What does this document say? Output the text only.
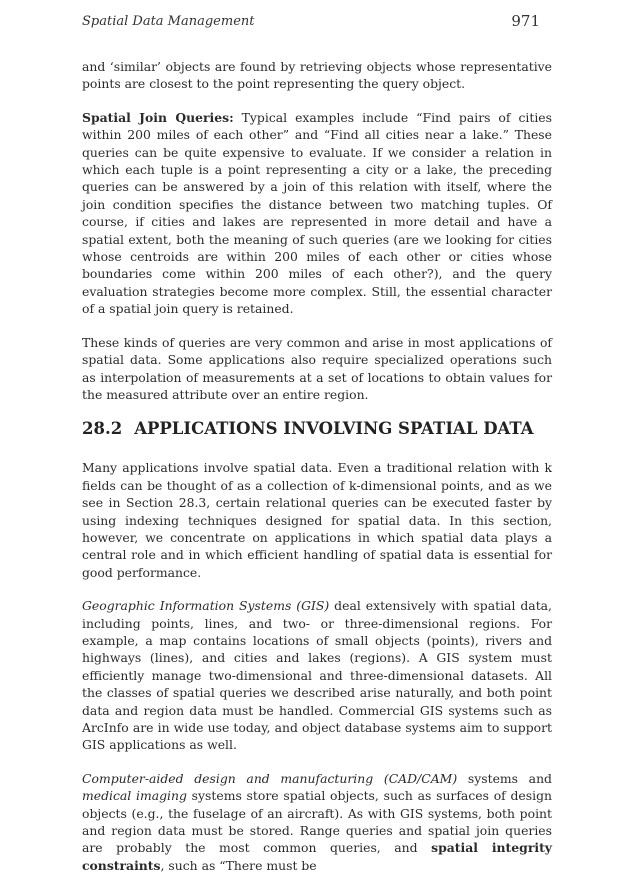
Spatial Data Management	971

and ‘similar’ objects are found by retrieving objects whose representative points are closest to the point representing the query object.

Spatial Join Queries: Typical examples include “Find pairs of cities within 200 miles of each other” and “Find all cities near a lake.” These queries can be quite expensive to evaluate. If we consider a relation in which each tuple is a point representing a city or a lake, the preceding queries can be answered by a join of this relation with itself, where the join condition specifies the distance between two matching tuples. Of course, if cities and lakes are represented in more detail and have a spatial extent, both the meaning of such queries (are we looking for cities whose centroids are within 200 miles of each other or cities whose boundaries come within 200 miles of each other?), and the query evaluation strategies become more complex. Still, the essential character of a spatial join query is retained.

These kinds of queries are very common and arise in most applications of spatial data. Some applications also require specialized operations such as interpolation of measurements at a set of locations to obtain values for the measured attribute over an entire region.

28.2 APPLICATIONS INVOLVING SPATIAL DATA

Many applications involve spatial data. Even a traditional relation with k fields can be thought of as a collection of k-dimensional points, and as we see in Section 28.3, certain relational queries can be executed faster by using indexing techniques designed for spatial data. In this section, however, we concentrate on applications in which spatial data plays a central role and in which efficient handling of spatial data is essential for good performance.

Geographic Information Systems (GIS) deal extensively with spatial data, including points, lines, and two- or three-dimensional regions. For example, a map contains locations of small objects (points), rivers and highways (lines), and cities and lakes (regions). A GIS system must efficiently manage two-dimensional and three-dimensional datasets. All the classes of spatial queries we described arise naturally, and both point data and region data must be handled. Commercial GIS systems such as ArcInfo are in wide use today, and object database systems aim to support GIS applications as well.

Computer-aided design and manufacturing (CAD/CAM) systems and medical imaging systems store spatial objects, such as surfaces of design objects (e.g., the fuselage of an aircraft). As with GIS systems, both point and region data must be stored. Range queries and spatial join queries are probably the most common queries, and spatial integrity constraints, such as “There must be
